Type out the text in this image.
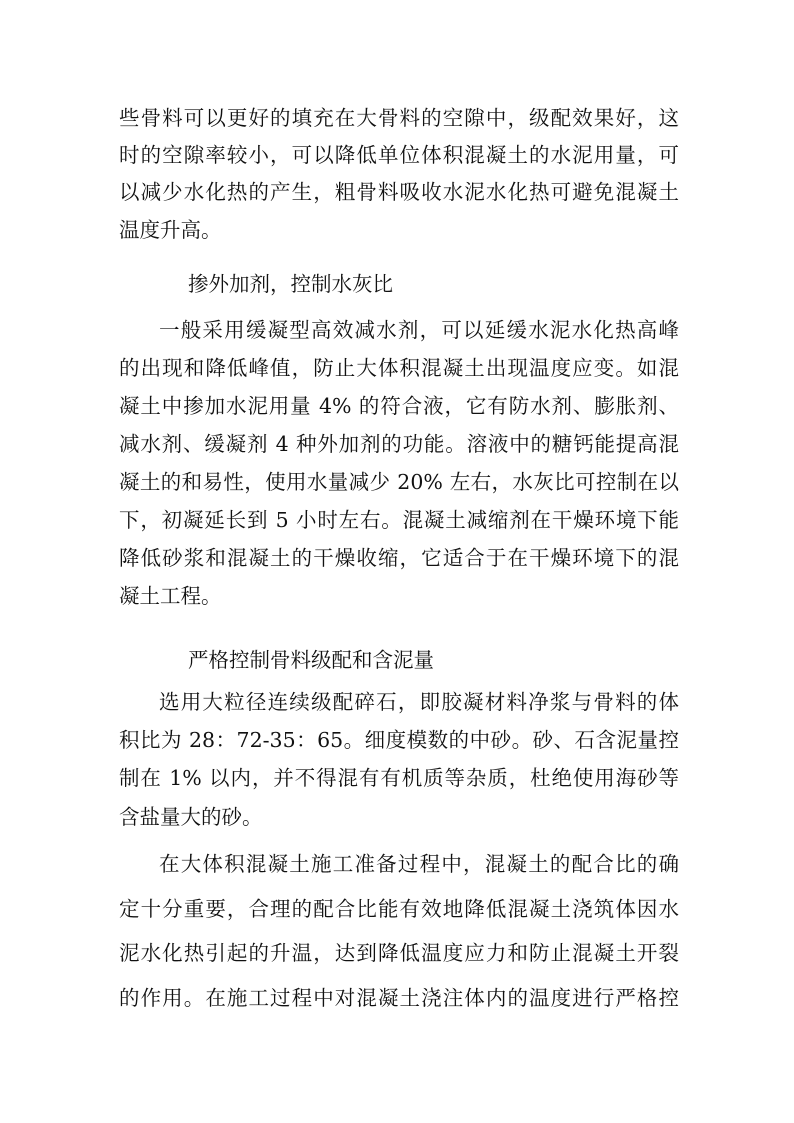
些骨料可以更好的填充在大骨料的空隙中，级配效果好，这
时的空隙率较小，可以降低单位体积混凝土的水泥用量，可
以减少水化热的产生，粗骨料吸收水泥水化热可避免混凝土
温度升高。
掺外加剂，控制水灰比
一般采用缓凝型高效减水剂，可以延缓水泥水化热高峰
的出现和降低峰值，防止大体积混凝土出现温度应变。如混
凝土中掺加水泥用量 4% 的符合液，它有防水剂、膨胀剂、
减水剂、缓凝剂 4 种外加剂的功能。溶液中的糖钙能提高混
凝土的和易性，使用水量减少 20% 左右，水灰比可控制在以
下，初凝延长到 5 小时左右。混凝土减缩剂在干燥环境下能
降低砂浆和混凝土的干燥收缩，它适合于在干燥环境下的混
凝土工程。
严格控制骨料级配和含泥量
选用大粒径连续级配碎石，即胶凝材料净浆与骨料的体
积比为 28：72-35：65。细度模数的中砂。砂、石含泥量控
制在 1% 以内，并不得混有有机质等杂质，杜绝使用海砂等
含盐量大的砂。
在大体积混凝土施工准备过程中，混凝土的配合比的确
定十分重要，合理的配合比能有效地降低混凝土浇筑体因水
泥水化热引起的升温，达到降低温度应力和防止混凝土开裂
的作用。在施工过程中对混凝土浇注体内的温度进行严格控
